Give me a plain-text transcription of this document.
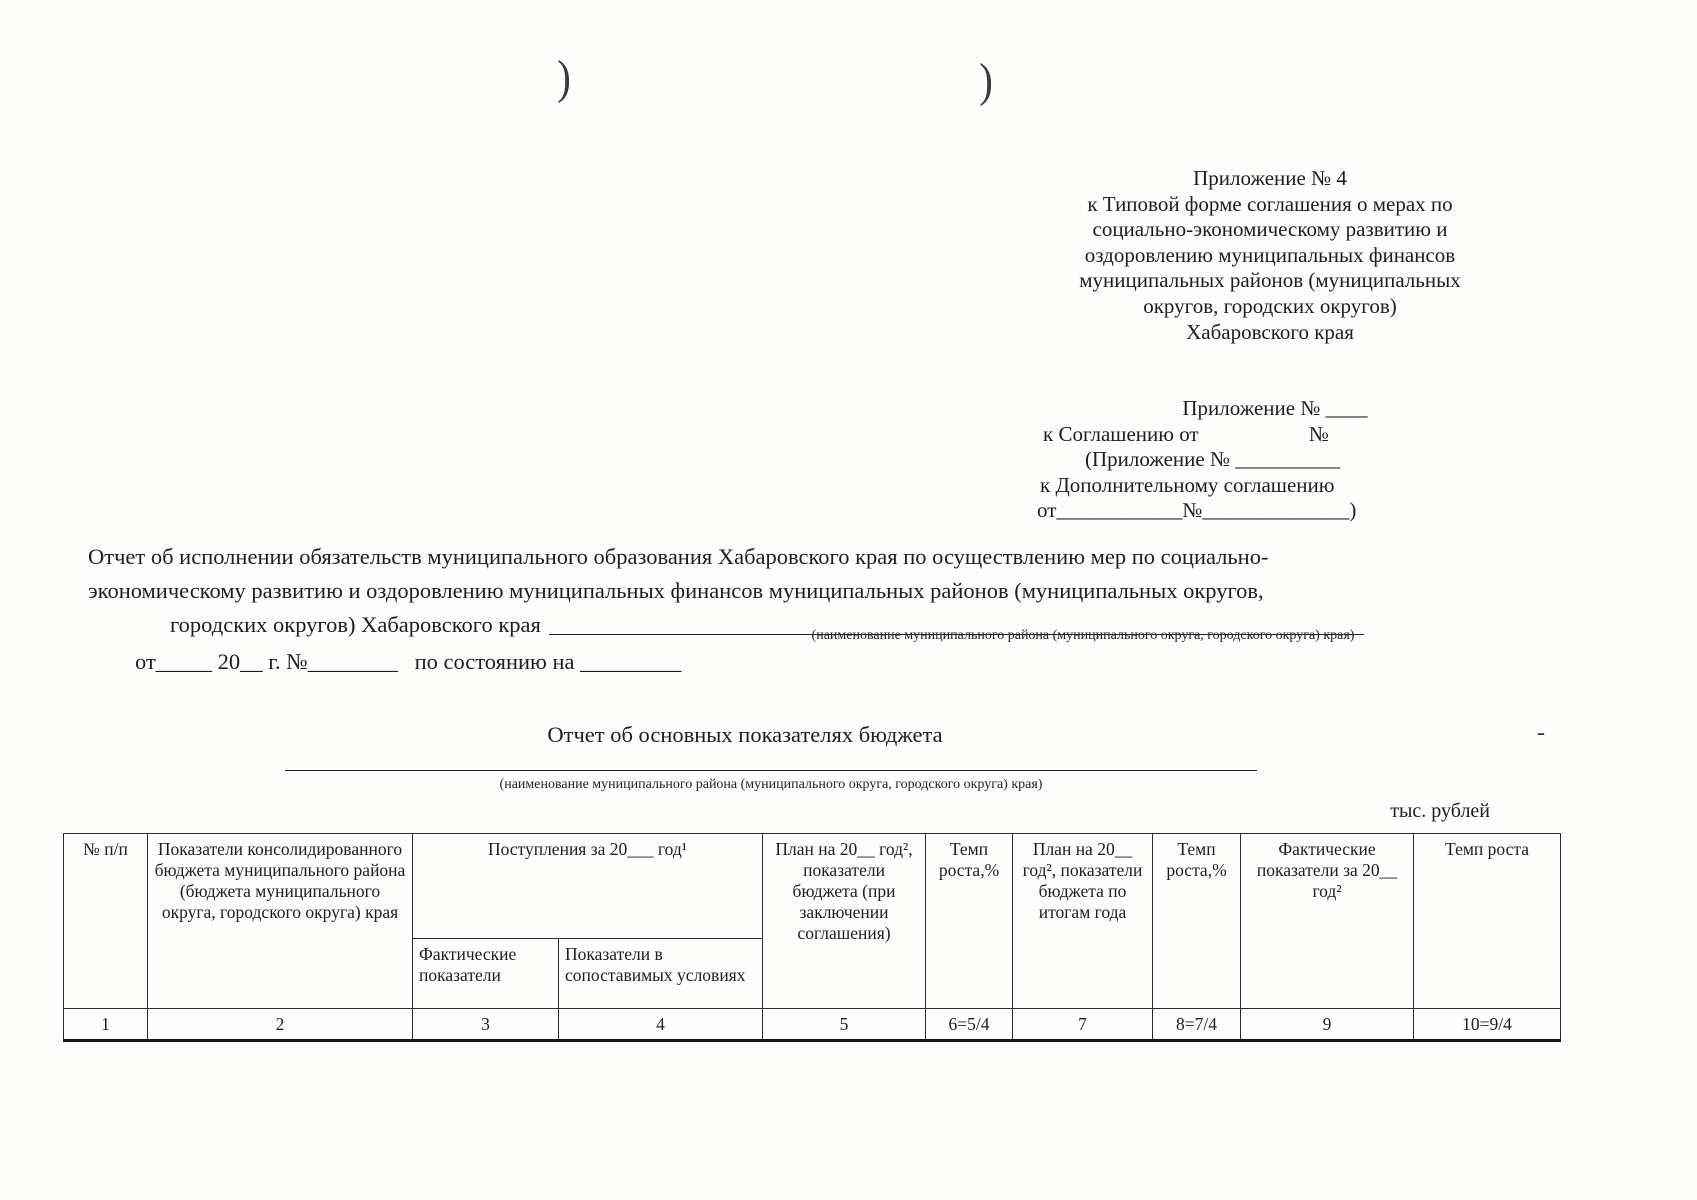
)	)
-
Приложение № 4
к Типовой форме соглашения о мерах по
социально-экономическому развитию и
оздоровлению муниципальных финансов
муниципальных районов (муниципальных
округов, городских округов)
Хабаровского края
Приложение № ____
к Соглашению от                     №
(Приложение № __________
к Дополнительному соглашению
от____________№______________)
Отчет об исполнении обязательств муниципального образования Хабаровского края по осуществлению мер по социально-
экономическому развитию и оздоровлению муниципальных финансов муниципальных районов (муниципальных округов,
городских округов) Хабаровского края	(наименование муниципального района (муниципального округа, городского округа) края)
от_____ 20__ г. №________   по состоянию на _________
Отчет об основных показателях бюджета
(наименование муниципального района (муниципального округа, городского округа) края)
тыс. рублей
№ п/п	Показатели консолидированного бюджета муниципального района (бюджета муниципального округа, городского округа) края	Поступления за 20___ год¹		План на 20__ год², показатели бюджета (при заключении соглашения)	Темп роста,%	План на 20__ год², показатели бюджета по итогам года	Темп роста,%	Фактические показатели за 20__ год²	Темп роста
		Фактические показатели	Показатели в сопоставимых условиях						
1	2	3	4	5	6=5/4	7	8=7/4	9	10=9/4
